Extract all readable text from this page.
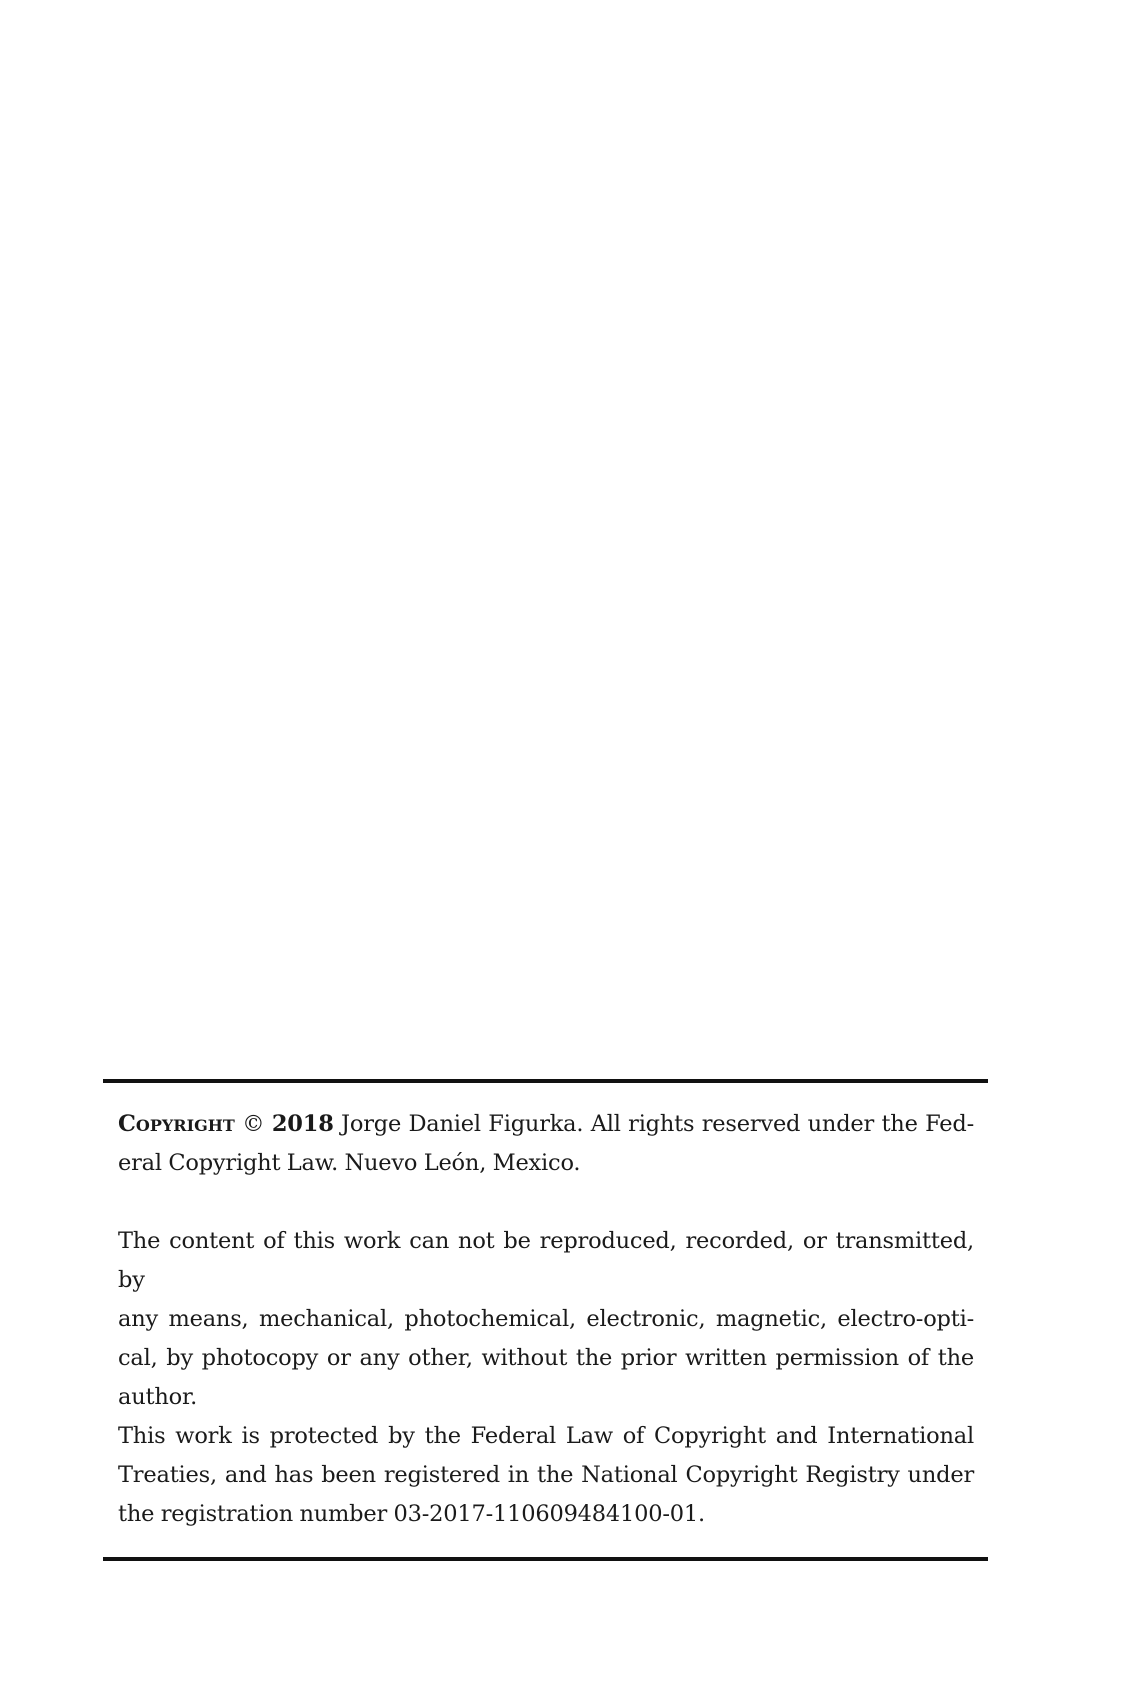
Copyright © 2018 Jorge Daniel Figurka. All rights reserved under the Fed-
eral Copyright Law. Nuevo León, Mexico.
The content of this work can not be reproduced, recorded, or transmitted, by
any means, mechanical, photochemical, electronic, magnetic, electro-opti-
cal, by photocopy or any other, without the prior written permission of the
author.
This work is protected by the Federal Law of Copyright and International
Treaties, and has been registered in the National Copyright Registry under
the registration number 03-2017-110609484100-01.
